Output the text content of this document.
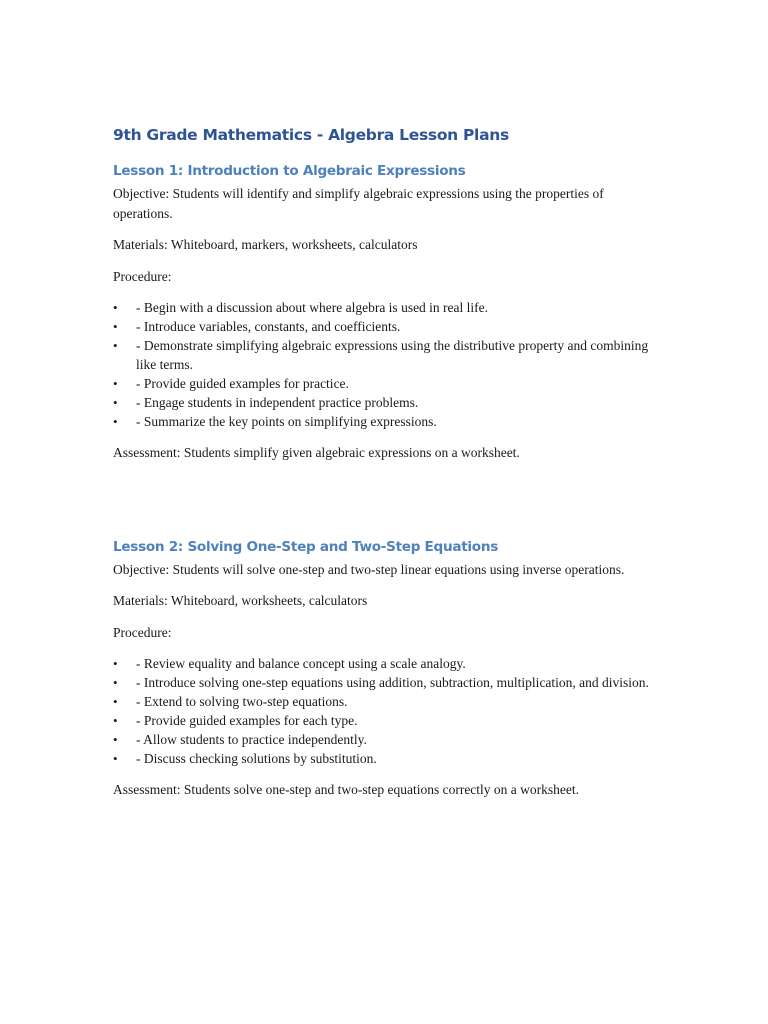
9th Grade Mathematics - Algebra Lesson Plans
Lesson 1: Introduction to Algebraic Expressions

Objective: Students will identify and simplify algebraic expressions using the properties of operations.

Materials: Whiteboard, markers, worksheets, calculators

Procedure:

• - Begin with a discussion about where algebra is used in real life.
• - Introduce variables, constants, and coefficients.
• - Demonstrate simplifying algebraic expressions using the distributive property and combining like terms.
• - Provide guided examples for practice.
• - Engage students in independent practice problems.
• - Summarize the key points on simplifying expressions.

Assessment: Students simplify given algebraic expressions on a worksheet.

Lesson 2: Solving One-Step and Two-Step Equations

Objective: Students will solve one-step and two-step linear equations using inverse operations.

Materials: Whiteboard, worksheets, calculators

Procedure:

• - Review equality and balance concept using a scale analogy.
• - Introduce solving one-step equations using addition, subtraction, multiplication, and division.
• - Extend to solving two-step equations.
• - Provide guided examples for each type.
• - Allow students to practice independently.
• - Discuss checking solutions by substitution.

Assessment: Students solve one-step and two-step equations correctly on a worksheet.
